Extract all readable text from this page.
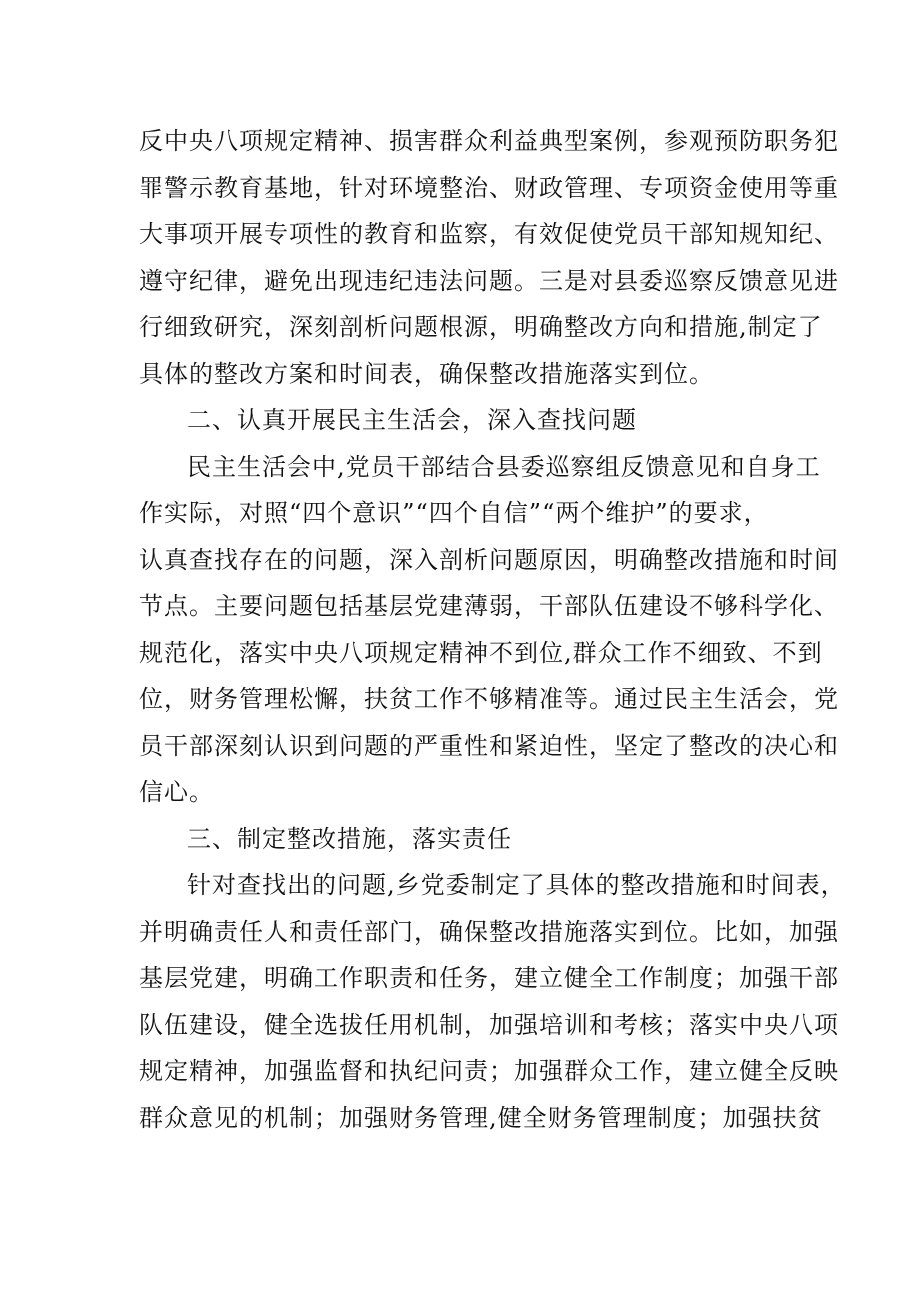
反中央八项规定精神、损害群众利益典型案例，参观预防职务犯
罪警示教育基地，针对环境整治、财政管理、专项资金使用等重
大事项开展专项性的教育和监察，有效促使党员干部知规知纪、
遵守纪律，避免出现违纪违法问题。三是对县委巡察反馈意见进
行细致研究，深刻剖析问题根源，明确整改方向和措施,制定了
具体的整改方案和时间表，确保整改措施落实到位。
二、认真开展民主生活会，深入查找问题
民主生活会中,党员干部结合县委巡察组反馈意见和自身工
作实际，对照“四个意识”“四个自信”“两个维护”的要求，
认真查找存在的问题，深入剖析问题原因，明确整改措施和时间
节点。主要问题包括基层党建薄弱，干部队伍建设不够科学化、
规范化，落实中央八项规定精神不到位,群众工作不细致、不到
位，财务管理松懈，扶贫工作不够精准等。通过民主生活会，党
员干部深刻认识到问题的严重性和紧迫性，坚定了整改的决心和
信心。
三、制定整改措施，落实责任
针对查找出的问题,乡党委制定了具体的整改措施和时间表，
并明确责任人和责任部门，确保整改措施落实到位。比如，加强
基层党建，明确工作职责和任务，建立健全工作制度；加强干部
队伍建设，健全选拔任用机制，加强培训和考核；落实中央八项
规定精神，加强监督和执纪问责；加强群众工作，建立健全反映
群众意见的机制；加强财务管理,健全财务管理制度；加强扶贫
